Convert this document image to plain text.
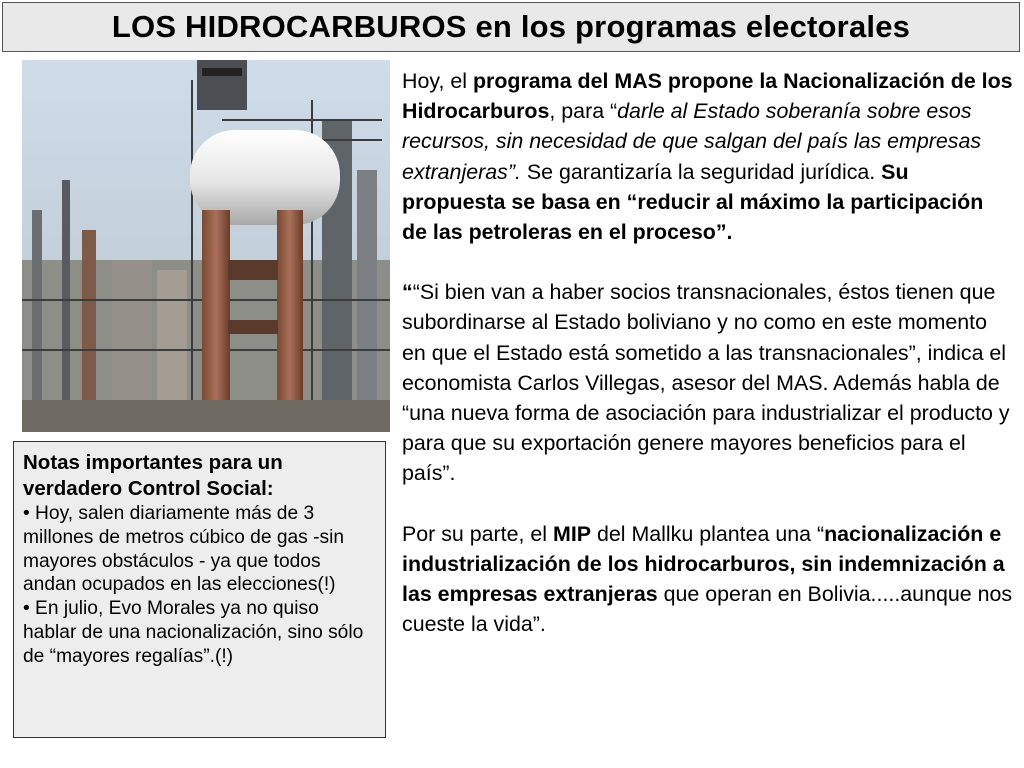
LOS HIDROCARBUROS en los programas electorales

Notas importantes para un verdadero Control Social:

• Hoy, salen diariamente más de 3 millones de metros cúbico de gas -sin mayores obstáculos - ya que todos andan ocupados en las elecciones(!)

• En julio, Evo Morales ya no quiso hablar de una nacionalización, sino sólo de “mayores regalías”.(!)

Hoy, el programa del MAS propone la Nacionalización de los Hidrocarburos, para “darle al Estado soberanía sobre esos recursos, sin necesidad de que salgan del país las empresas extranjeras”. Se garantizaría la seguridad jurídica. Su propuesta se basa en “reducir al máximo la participación de las petroleras en el proceso”.

““Si bien van a haber socios transnacionales, éstos tienen que subordinarse al Estado boliviano y no como en este momento en que el Estado está sometido a las transnacionales”, indica el economista Carlos Villegas, asesor del MAS. Además habla de “una nueva forma de asociación para industrializar el producto y para que su exportación genere mayores beneficios para el país”.

Por su parte, el MIP del Mallku plantea una “nacionalización e industrialización de los hidrocarburos, sin indemnización a las empresas extranjeras que operan en Bolivia.....aunque nos cueste la vida”.
